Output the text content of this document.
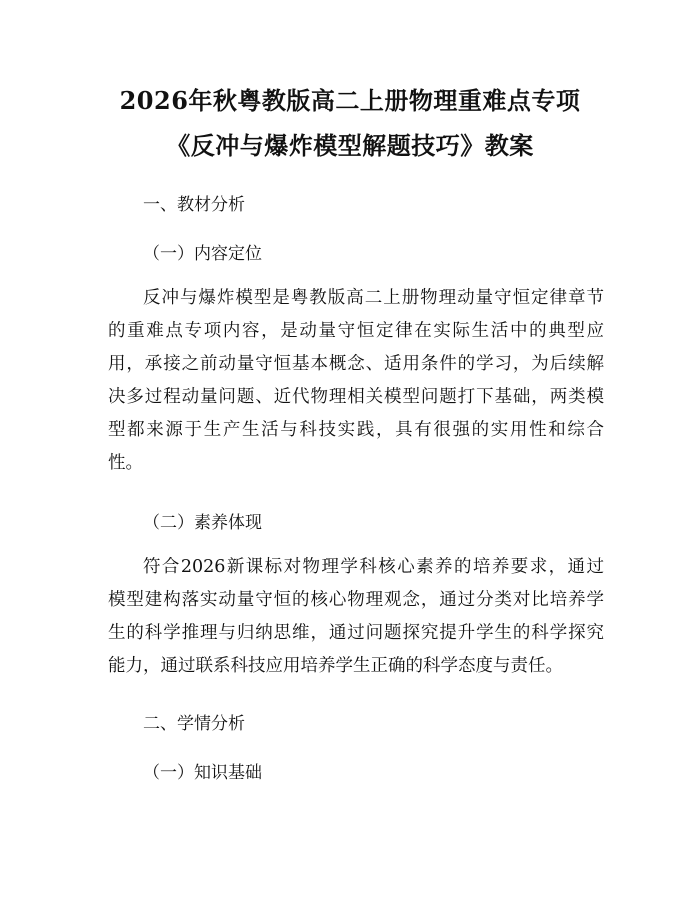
2026年秋粤教版高二上册物理重难点专项
《反冲与爆炸模型解题技巧》教案
一、教材分析
（一）内容定位
反冲与爆炸模型是粤教版高二上册物理动量守恒定律章节
的重难点专项内容，是动量守恒定律在实际生活中的典型应
用，承接之前动量守恒基本概念、适用条件的学习，为后续解
决多过程动量问题、近代物理相关模型问题打下基础，两类模
型都来源于生产生活与科技实践，具有很强的实用性和综合
性。
（二）素养体现
符合2026新课标对物理学科核心素养的培养要求，通过
模型建构落实动量守恒的核心物理观念，通过分类对比培养学
生的科学推理与归纳思维，通过问题探究提升学生的科学探究
能力，通过联系科技应用培养学生正确的科学态度与责任。
二、学情分析
（一）知识基础
